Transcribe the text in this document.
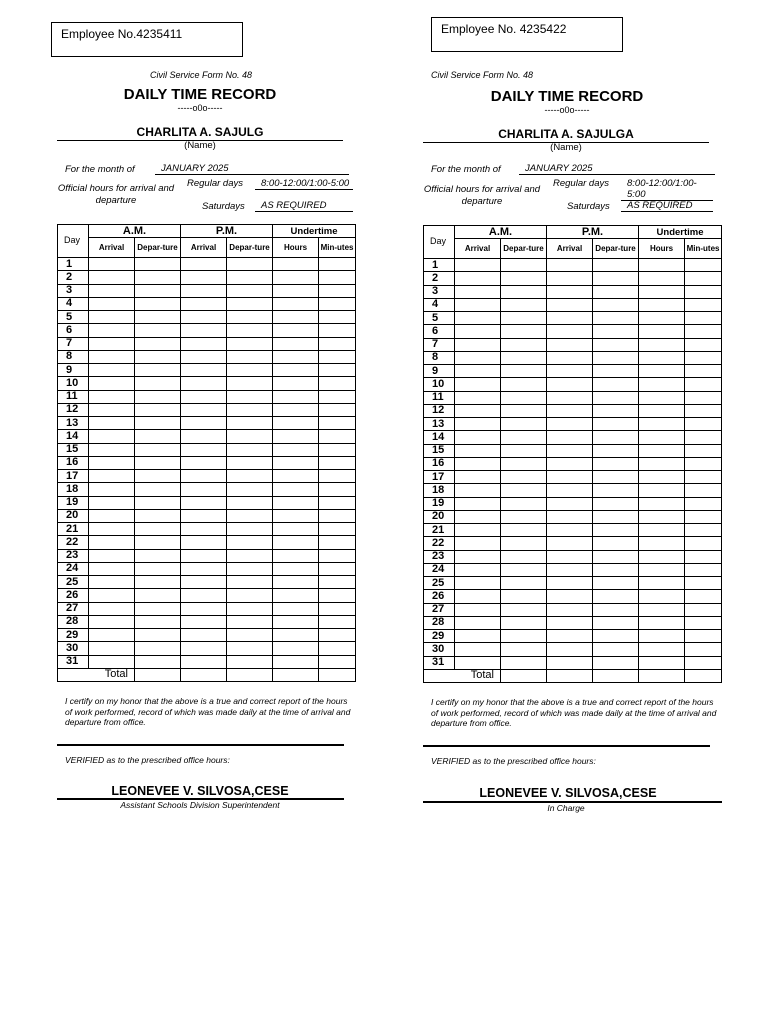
Employee No.4235411
Civil Service Form No. 48
DAILY TIME RECORD
-----o0o-----
CHARLITA A. SAJULG
(Name)
For the month of	JANUARY 2025
Official hours for arrival and departure
Regular days	8:00-12:00/1:00-5:00
Saturdays	AS REQUIRED
Day	A.M.		P.M.		Undertime	
	Arrival	Depar-ture	Arrival	Depar-ture	Hours	Min-utes
1						
2						
3						
4						
5						
6						
7						
8						
9						
10						
11						
12						
13						
14						
15						
16						
17						
18						
19						
20						
21						
22						
23						
24						
25						
26						
27						
28						
29						
30						
31						
Total						
I certify on my honor that the above is a true and correct report of the hours of work performed, record of which was made daily at the time of arrival and departure from office.
VERIFIED as to the prescribed office hours:
LEONEVEE V. SILVOSA,CESE
Assistant Schools Division Superintendent
Employee No. 4235422
Civil Service Form No. 48
DAILY TIME RECORD
-----o0o-----
CHARLITA A. SAJULGA
(Name)
For the month of	JANUARY 2025
Official hours for arrival and departure
Regular days	8:00-12:00/1:00-5:00
Saturdays	AS REQUIRED
Day	A.M.		P.M.		Undertime	
	Arrival	Depar-ture	Arrival	Depar-ture	Hours	Min-utes
1						
2						
3						
4						
5						
6						
7						
8						
9						
10						
11						
12						
13						
14						
15						
16						
17						
18						
19						
20						
21						
22						
23						
24						
25						
26						
27						
28						
29						
30						
31						
Total						
I certify on my honor that the above is a true and correct report of the hours of work performed, record of which was made daily at the time of arrival and departure from office.
VERIFIED as to the prescribed office hours:
LEONEVEE V. SILVOSA,CESE
In Charge
